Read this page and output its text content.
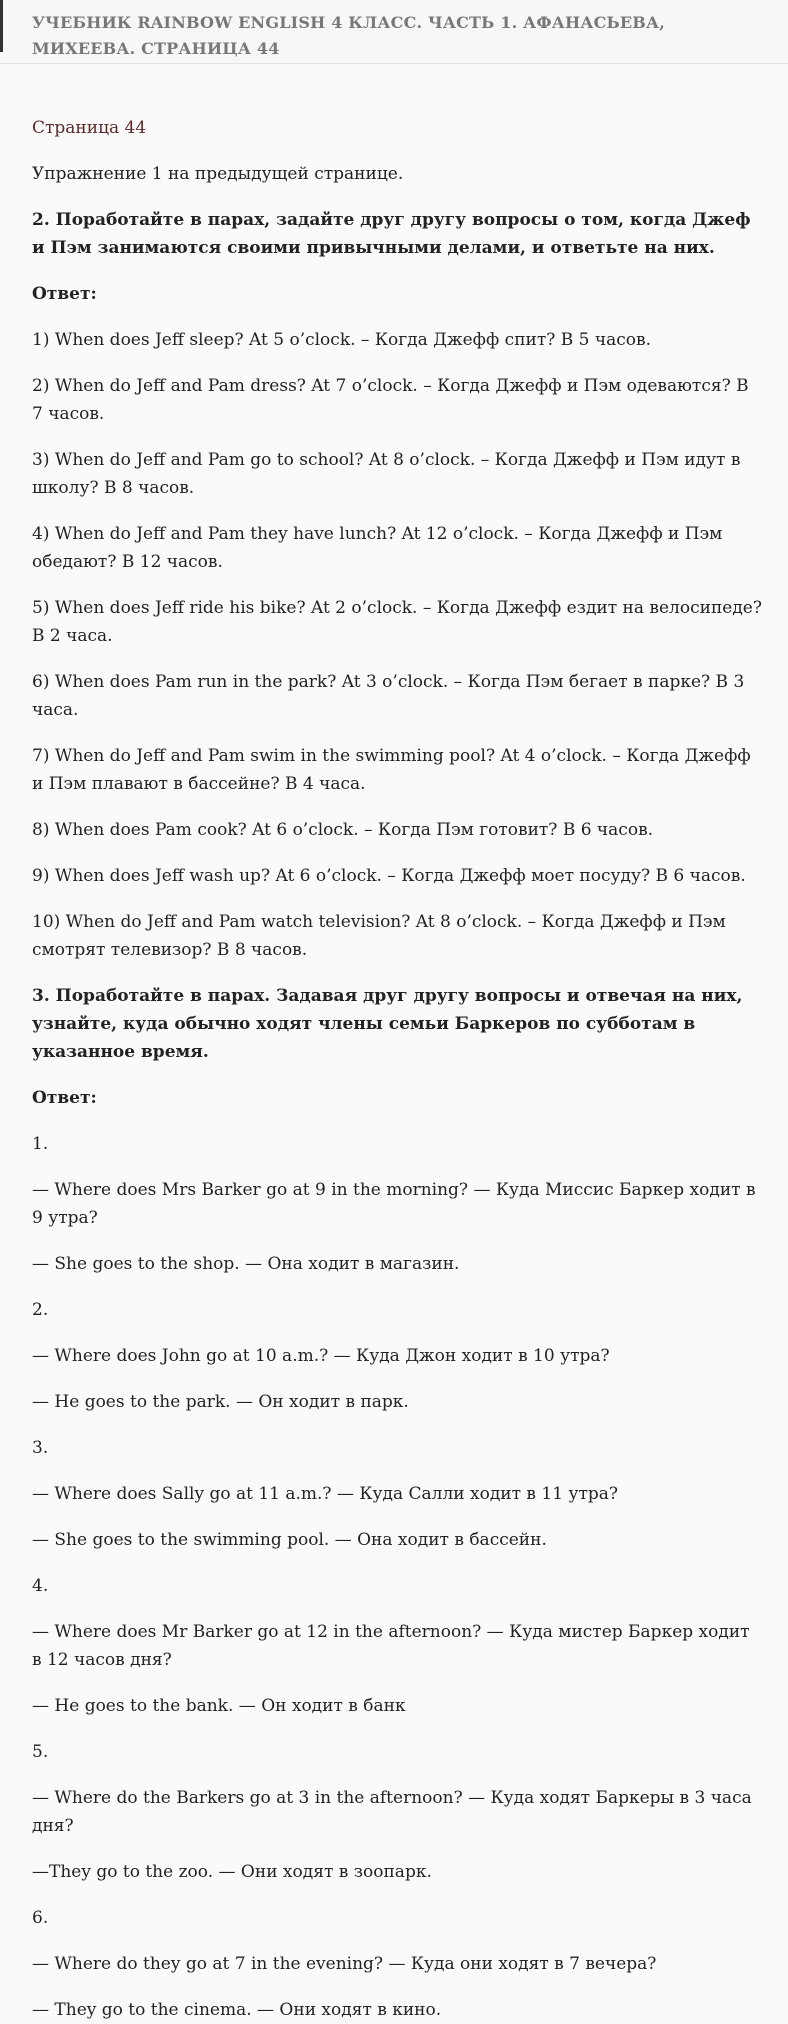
УЧЕБНИК RAINBOW ENGLISH 4 КЛАСС. ЧАСТЬ 1. АФАНАСЬЕВА, МИХЕЕВА. СТРАНИЦА 44

Страница 44

Упражнение 1 на предыдущей странице.

2. Поработайте в парах, задайте друг другу вопросы о том, когда Джеф и Пэм занимаются своими привычными делами, и ответьте на них.

Ответ:

1) When does Jeff sleep? At 5 o’clock. – Когда Джефф спит? В 5 часов.

2) When do Jeff and Pam dress? At 7 o’clock. – Когда Джефф и Пэм одеваются? В 7 часов.

3) When do Jeff and Pam go to school? At 8 o’clock. – Когда Джефф и Пэм идут в школу? В 8 часов.

4) When do Jeff and Pam they have lunch? At 12 o’clock. – Когда Джефф и Пэм обедают? В 12 часов.

5) When does Jeff ride his bike? At 2 o’clock. – Когда Джефф ездит на велосипеде? В 2 часа.

6) When does Pam run in the park? At 3 o’clock. – Когда Пэм бегает в парке? В 3 часа.

7) When do Jeff and Pam swim in the swimming pool? At 4 o’clock. – Когда Джефф и Пэм плавают в бассейне? В 4 часа.

8) When does Pam cook? At 6 o’clock. – Когда Пэм готовит? В 6 часов.

9) When does Jeff wash up? At 6 o’clock. – Когда Джефф моет посуду? В 6 часов.

10) When do Jeff and Pam watch television? At 8 o’clock. – Когда Джефф и Пэм смотрят телевизор? В 8 часов.

3. Поработайте в парах. Задавая друг другу вопросы и отвечая на них, узнайте, куда обычно ходят члены семьи Баркеров по субботам в указанное время.

Ответ:

1.

— Where does Mrs Barker go at 9 in the morning? — Куда Миссис Баркер ходит в 9 утра?

— She goes to the shop. — Она ходит в магазин.

2.

— Where does John go at 10 a.m.? — Куда Джон ходит в 10 утра?

— He goes to the park. — Он ходит в парк.

3.

— Where does Sally go at 11 a.m.? — Куда Салли ходит в 11 утра?

— She goes to the swimming pool. — Она ходит в бассейн.

4.

— Where does Mr Barker go at 12 in the afternoon? — Куда мистер Баркер ходит в 12 часов дня?

— He goes to the bank. — Он ходит в банк

5.

— Where do the Barkers go at 3 in the afternoon? — Куда ходят Баркеры в 3 часа дня?

—They go to the zoo. — Они ходят в зоопарк.

6.

— Where do they go at 7 in the evening? — Куда они ходят в 7 вечера?

— They go to the cinema. — Они ходят в кино.
